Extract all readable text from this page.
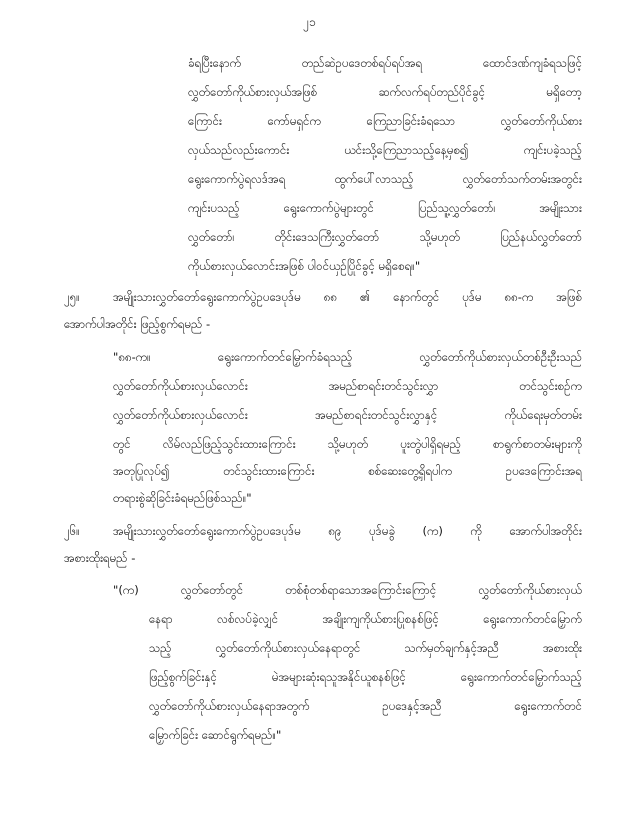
၂၁
ခံရပြီးနောက် တည်ဆဲဥပဒေတစ်ရပ်ရပ်အရ ထောင်ဒဏ်ကျခံရသဖြင့်
လွှတ်တော်ကိုယ်စားလှယ်အဖြစ် ဆက်လက်ရပ်တည်ပိုင်ခွင့် မရှိတော့
ကြောင်း ကော်မရှင်က ကြေညာခြင်းခံရသော လွှတ်တော်ကိုယ်စား
လှယ်သည်လည်းကောင်း ယင်းသို့ကြေညာသည့်နေ့မှစ၍ ကျင်းပခဲ့သည့်
ရွေးကောက်ပွဲရလဒ်အရ ထွက်ပေါ်လာသည့် လွှတ်တော်သက်တမ်းအတွင်း
ကျင်းပသည့် ရွေးကောက်ပွဲများတွင် ပြည်သူ့လွှတ်တော်၊ အမျိုးသား
လွှတ်တော်၊ တိုင်းဒေသကြီးလွှတ်တော် သို့မဟုတ် ပြည်နယ်လွှတ်တော်
ကိုယ်စားလှယ်လောင်းအဖြစ် ပါဝင်ယှဉ်ပြိုင်ခွင့် မရှိစေရ။"
၂၅။	အမျိုးသားလွှတ်တော်ရွေးကောက်ပွဲဥပဒေပုဒ်မ ၈၈ ၏ နောက်တွင် ပုဒ်မ ၈၈-က အဖြစ်
အောက်ပါအတိုင်း ဖြည့်စွက်ရမည် -
"၈၈-က။ ရွေးကောက်တင်မြှောက်ခံရသည့် လွှတ်တော်ကိုယ်စားလှယ်တစ်ဦးဦးသည်
လွှတ်တော်ကိုယ်စားလှယ်လောင်း အမည်စာရင်းတင်သွင်းလွှာ တင်သွင်းစဉ်က
လွှတ်တော်ကိုယ်စားလှယ်လောင်း အမည်စာရင်းတင်သွင်းလွှာနှင့် ကိုယ်ရေးမှတ်တမ်း
တွင် လိမ်လည်ဖြည့်သွင်းထားကြောင်း သို့မဟုတ် ပူးတွဲပါရှိရမည့် စာရွက်စာတမ်းများကို
အတုပြုလုပ်၍ တင်သွင်းထားကြောင်း စစ်ဆေးတွေ့ရှိရပါက ဥပဒေကြောင်းအရ
တရားစွဲဆိုခြင်းခံရမည်ဖြစ်သည်။"
၂၆။	အမျိုးသားလွှတ်တော်ရွေးကောက်ပွဲဥပဒေပုဒ်မ ၈၉ ပုဒ်မခွဲ (က) ကို အောက်ပါအတိုင်း
အစားထိုးရမည် -
"(က) လွှတ်တော်တွင် တစ်စုံတစ်ရာသောအကြောင်းကြောင့် လွှတ်တော်ကိုယ်စားလှယ်
နေရာ လစ်လပ်ခဲ့လျှင် အချိုးကျကိုယ်စားပြုစနစ်ဖြင့် ရွေးကောက်တင်မြှောက်
သည့် လွှတ်တော်ကိုယ်စားလှယ်နေရာတွင် သက်မှတ်ချက်နှင့်အညီ အစားထိုး
ဖြည့်စွက်ခြင်းနှင့် မဲအများဆုံးရသူအနိုင်ယူစနစ်ဖြင့် ရွေးကောက်တင်မြှောက်သည့်
လွှတ်တော်ကိုယ်စားလှယ်နေရာအတွက် ဥပဒေနှင့်အညီ ရွေးကောက်တင်
မြှောက်ခြင်း ဆောင်ရွက်ရမည်။"
